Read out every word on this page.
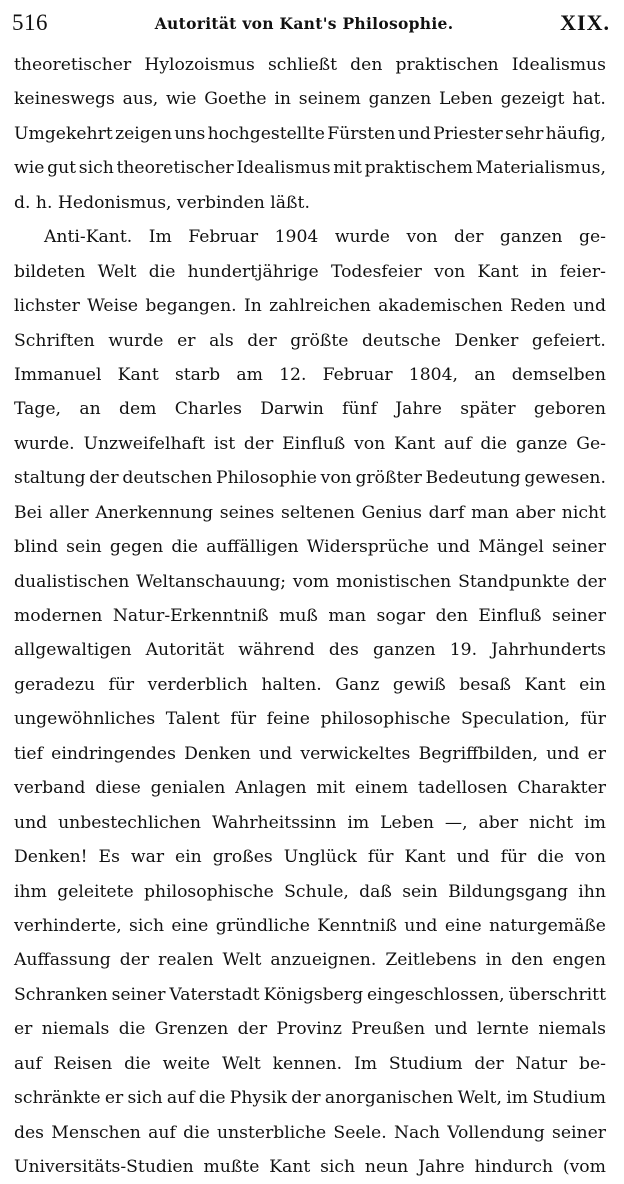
516	Autorität von Kant's Philosophie.	XIX.
theoretischer Hylozoismus schließt den praktischen Idealismus
keineswegs aus, wie Goethe in seinem ganzen Leben gezeigt hat.
Umgekehrt zeigen uns hochgestellte Fürsten und Priester sehr häufig,
wie gut sich theoretischer Idealismus mit praktischem Materialismus,
d. h. Hedonismus, verbinden läßt.
Anti-Kant. Im Februar 1904 wurde von der ganzen ge-
bildeten Welt die hundertjährige Todesfeier von Kant in feier-
lichster Weise begangen. In zahlreichen akademischen Reden und
Schriften wurde er als der größte deutsche Denker gefeiert.
Immanuel Kant starb am 12. Februar 1804, an demselben
Tage, an dem Charles Darwin fünf Jahre später geboren
wurde. Unzweifelhaft ist der Einfluß von Kant auf die ganze Ge-
staltung der deutschen Philosophie von größter Bedeutung gewesen.
Bei aller Anerkennung seines seltenen Genius darf man aber nicht
blind sein gegen die auffälligen Widersprüche und Mängel seiner
dualistischen Weltanschauung; vom monistischen Standpunkte der
modernen Natur-Erkenntniß muß man sogar den Einfluß seiner
allgewaltigen Autorität während des ganzen 19. Jahrhunderts
geradezu für verderblich halten. Ganz gewiß besaß Kant ein
ungewöhnliches Talent für feine philosophische Speculation, für
tief eindringendes Denken und verwickeltes Begriffbilden, und er
verband diese genialen Anlagen mit einem tadellosen Charakter
und unbestechlichen Wahrheitssinn im Leben —, aber nicht im
Denken! Es war ein großes Unglück für Kant und für die von
ihm geleitete philosophische Schule, daß sein Bildungsgang ihn
verhinderte, sich eine gründliche Kenntniß und eine naturgemäße
Auffassung der realen Welt anzueignen. Zeitlebens in den engen
Schranken seiner Vaterstadt Königsberg eingeschlossen, überschritt
er niemals die Grenzen der Provinz Preußen und lernte niemals
auf Reisen die weite Welt kennen. Im Studium der Natur be-
schränkte er sich auf die Physik der anorganischen Welt, im Studium
des Menschen auf die unsterbliche Seele. Nach Vollendung seiner
Universitäts-Studien mußte Kant sich neun Jahre hindurch (vom
